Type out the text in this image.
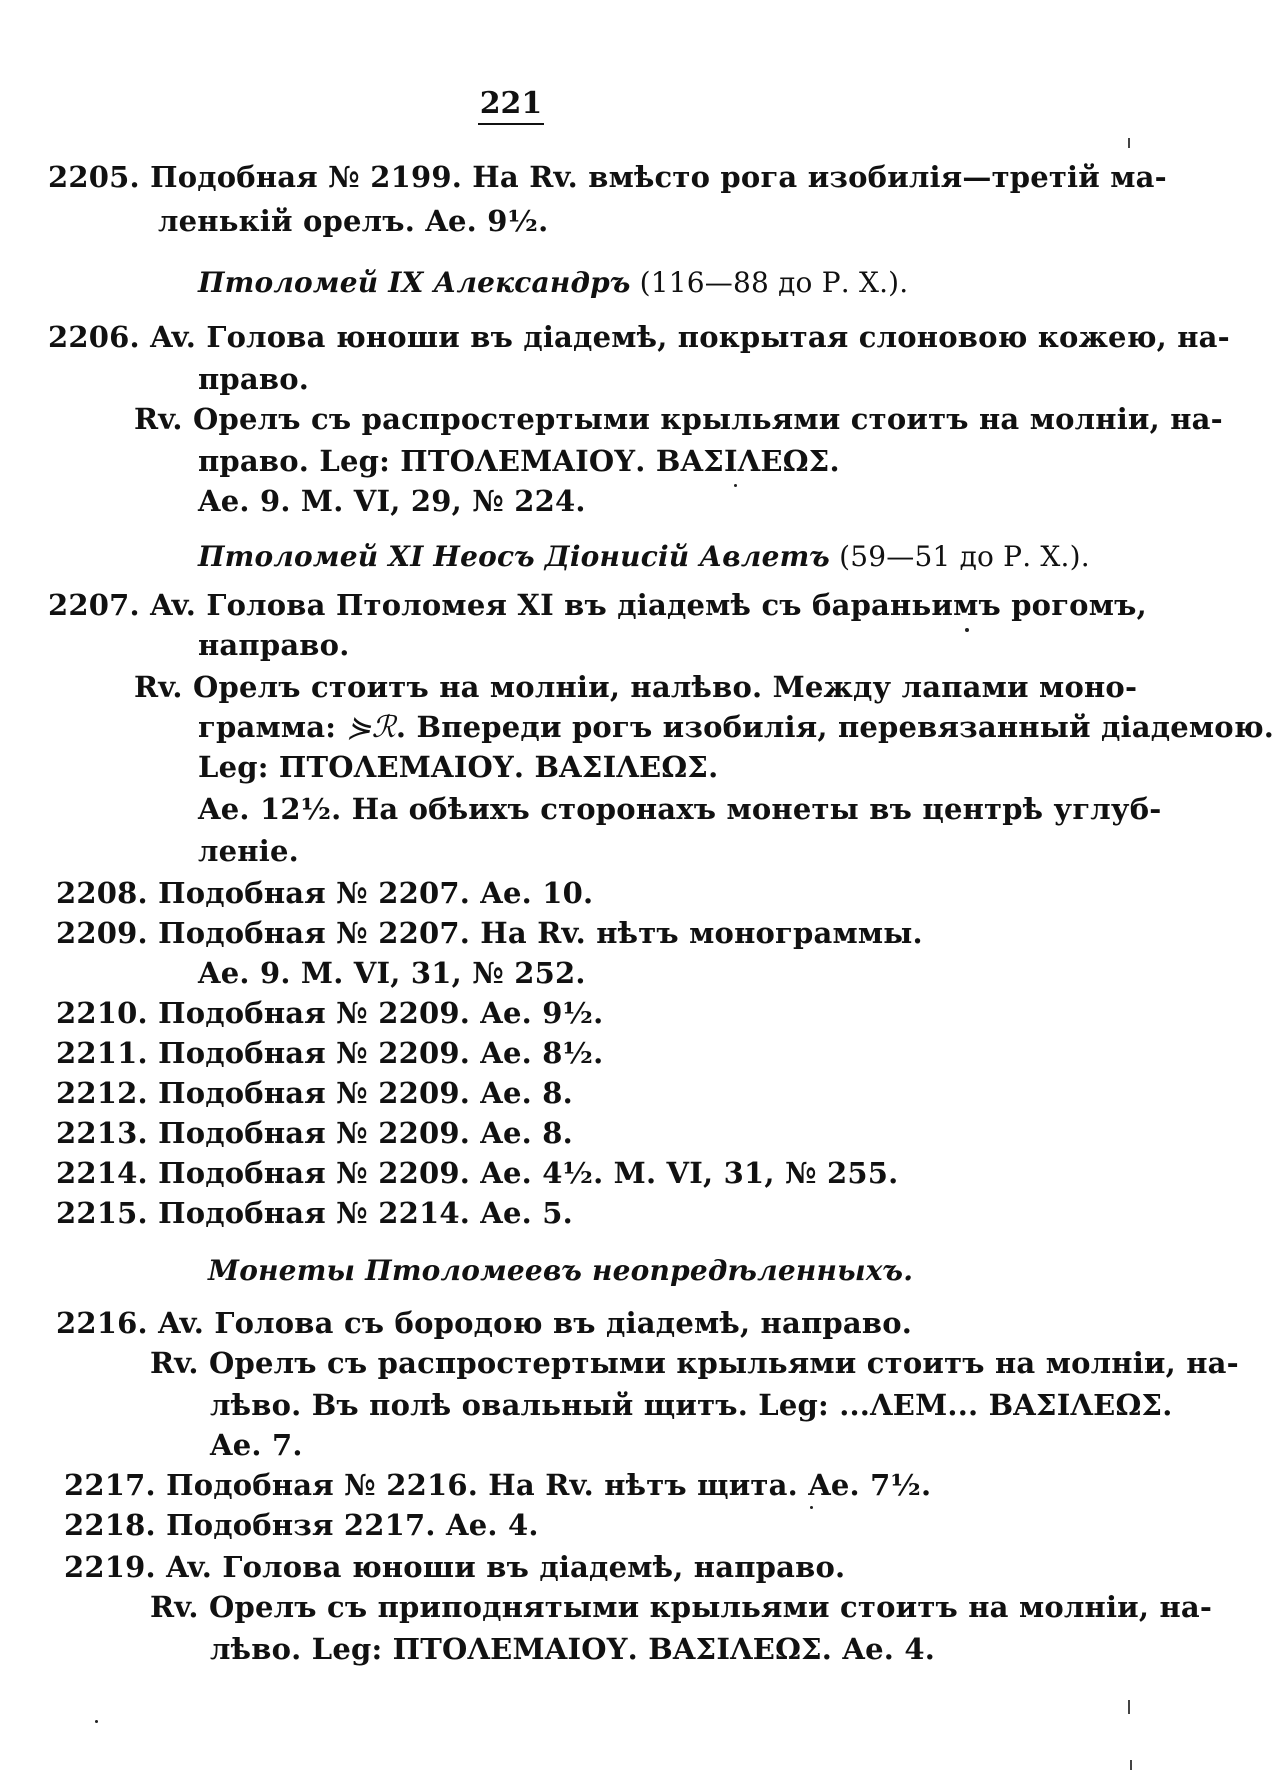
221
2205. Подобная № 2199. На Rv. вмѣсто рога изобилія—третій ма-
ленькій орелъ. Ae. 9½.
Птоломей IX Александръ (116—88 до Р. Х.).
2206. Av. Голова юноши въ діадемѣ, покрытая слоновою кожею, на-
право.
Rv. Орелъ съ распростертыми крыльями стоитъ на молніи, на-
право. Leg: ΠΤΟΛΕΜΑΙΟΥ. ΒΑΣΙΛΕΩΣ.
Ae. 9. M. VI, 29, № 224.
Птоломей XI Неосъ Діонисій Авлетъ (59—51 до Р. Х.).
2207. Av. Голова Птоломея XI въ діадемѣ съ бараньимъ рогомъ,
направо.
Rv. Орелъ стоитъ на молніи, налѣво. Между лапами моно-
грамма: ⋟ℛ. Впереди рогъ изобилія, перевязанный діадемою.
Leg: ΠΤΟΛΕΜΑΙΟΥ. ΒΑΣΙΛΕΩΣ.
Ae. 12½. На обѣихъ сторонахъ монеты въ центрѣ углуб-
леніе.
2208. Подобная № 2207. Ae. 10.
2209. Подобная № 2207. На Rv. нѣтъ монограммы.
Ae. 9. M. VI, 31, № 252.
2210. Подобная № 2209. Ae. 9½.
2211. Подобная № 2209. Ae. 8½.
2212. Подобная № 2209. Ae. 8.
2213. Подобная № 2209. Ae. 8.
2214. Подобная № 2209. Ae. 4½. M. VI, 31, № 255.
2215. Подобная № 2214. Ae. 5.
Монеты Птоломеевъ неопредѣленныхъ.
2216. Av. Голова съ бородою въ діадемѣ, направо.
Rv. Орелъ съ распростертыми крыльями стоитъ на молніи, на-
лѣво. Въ полѣ овальный щитъ. Leg: ...ΛΕΜ... ΒΑΣΙΛΕΩΣ.
Ae. 7.
2217. Подобная № 2216. На Rv. нѣтъ щита. Ae. 7½.
2218. Подобнзя 2217. Ae. 4.
2219. Av. Голова юноши въ діадемѣ, направо.
Rv. Орелъ съ приподнятыми крыльями стоитъ на молніи, на-
лѣво. Leg: ΠΤΟΛΕΜΑΙΟΥ. ΒΑΣΙΛΕΩΣ. Ae. 4.
